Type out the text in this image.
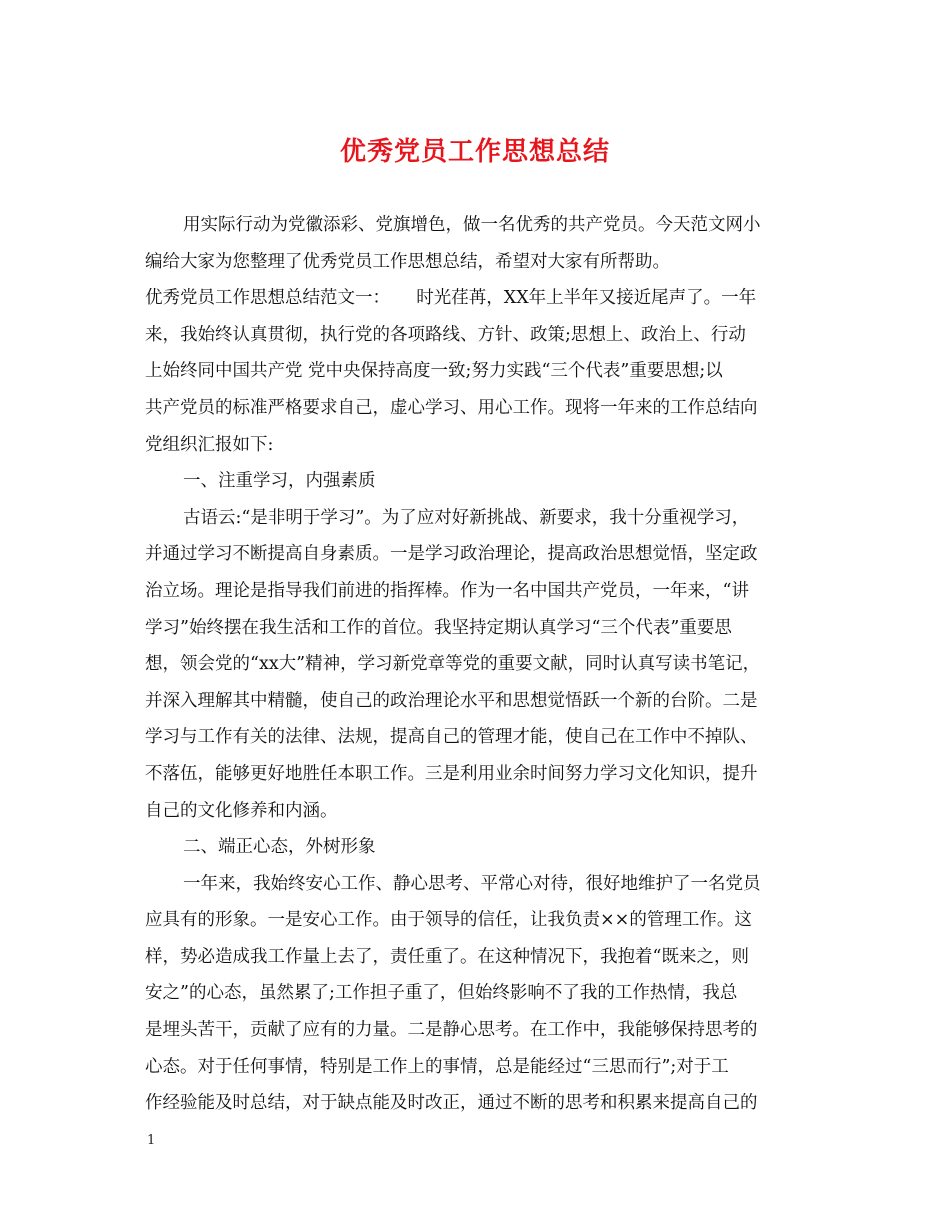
优秀党员工作思想总结
用实际行动为党徽添彩、党旗增色，做一名优秀的共产党员。今天范文网小
编给大家为您整理了优秀党员工作思想总结，希望对大家有所帮助。
优秀党员工作思想总结范文一：　　时光荏苒，XX年上半年又接近尾声了。一年
来，我始终认真贯彻，执行党的各项路线、方针、政策;思想上、政治上、行动
上始终同中国共产党 党中央保持高度一致;努力实践“三个代表”重要思想;以
共产党员的标准严格要求自己，虚心学习、用心工作。现将一年来的工作总结向
党组织汇报如下:
一、注重学习，内强素质
古语云:“是非明于学习”。为了应对好新挑战、新要求，我十分重视学习，
并通过学习不断提高自身素质。一是学习政治理论，提高政治思想觉悟，坚定政
治立场。理论是指导我们前进的指挥棒。作为一名中国共产党员，一年来，“讲
学习”始终摆在我生活和工作的首位。我坚持定期认真学习“三个代表”重要思
想，领会党的“xx大”精神，学习新党章等党的重要文献，同时认真写读书笔记，
并深入理解其中精髓，使自己的政治理论水平和思想觉悟跃一个新的台阶。二是
学习与工作有关的法律、法规，提高自己的管理才能，使自己在工作中不掉队、
不落伍，能够更好地胜任本职工作。三是利用业余时间努力学习文化知识，提升
自己的文化修养和内涵。
二、端正心态，外树形象
一年来，我始终安心工作、静心思考、平常心对待，很好地维护了一名党员
应具有的形象。一是安心工作。由于领导的信任，让我负责××的管理工作。这
样，势必造成我工作量上去了，责任重了。在这种情况下，我抱着“既来之，则
安之”的心态，虽然累了;工作担子重了，但始终影响不了我的工作热情，我总
是埋头苦干，贡献了应有的力量。二是静心思考。在工作中，我能够保持思考的
心态。对于任何事情，特别是工作上的事情，总是能经过“三思而行”;对于工
作经验能及时总结，对于缺点能及时改正，通过不断的思考和积累来提高自己的
1
